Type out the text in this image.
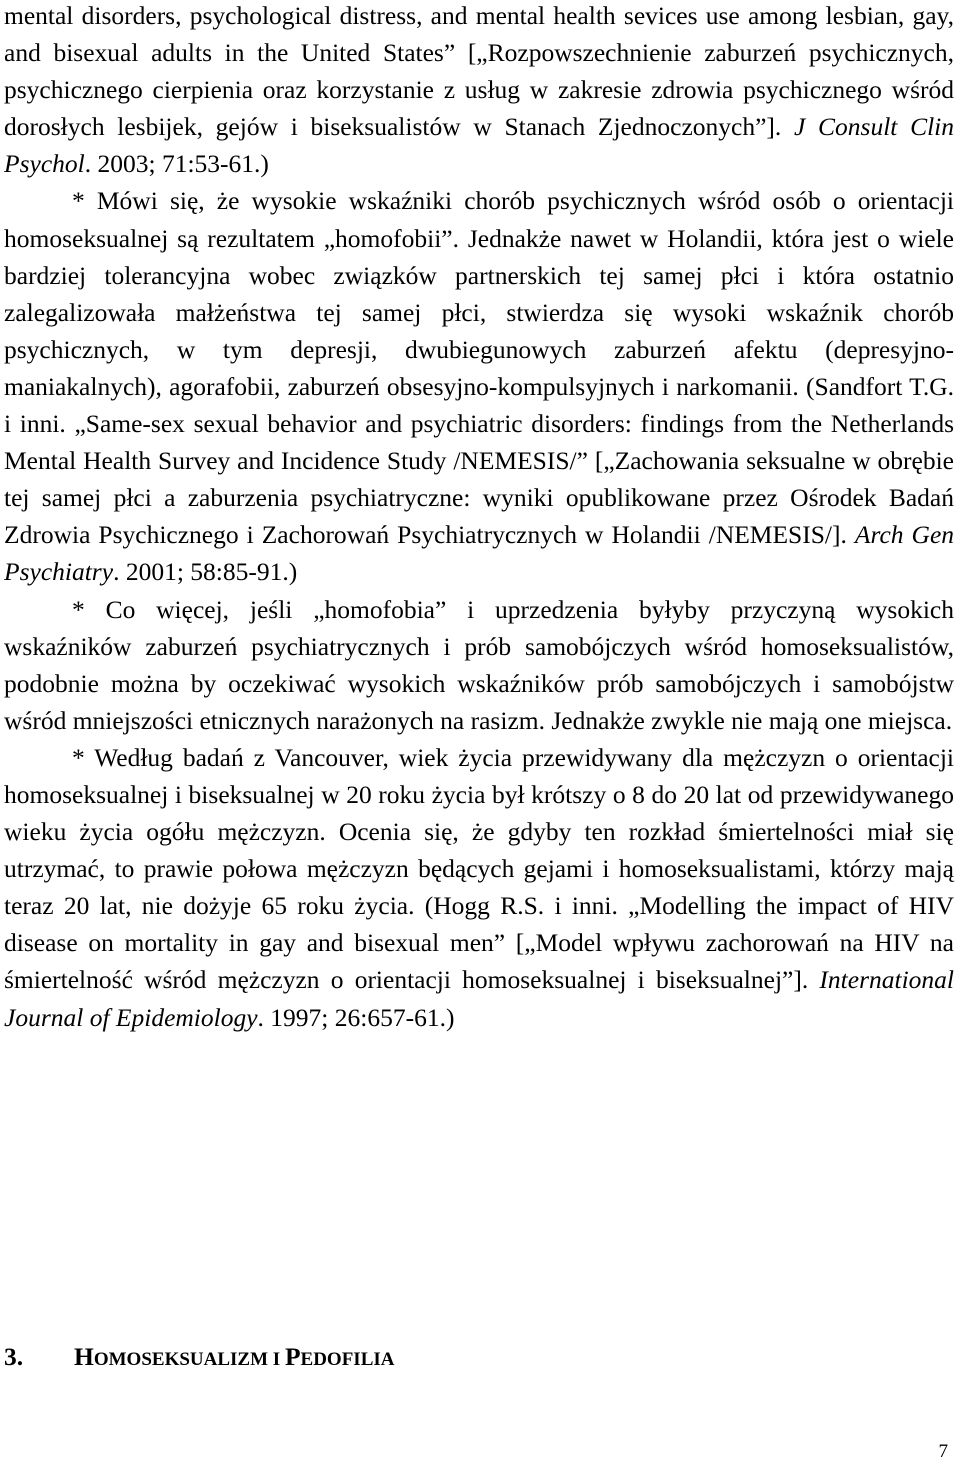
mental disorders, psychological distress, and mental health sevices use among lesbian, gay, and bisexual adults in the United States” [„Rozpowszechnienie zaburzeń psychicznych, psychicznego cierpienia oraz korzystanie z usług w zakresie zdrowia psychicznego wśród dorosłych lesbijek, gejów i biseksualistów w Stanach Zjednoczonych”]. J Consult Clin Psychol. 2003; 71:53-61.)

* Mówi się, że wysokie wskaźniki chorób psychicznych wśród osób o orientacji homoseksualnej są rezultatem „homofobii”. Jednakże nawet w Holandii, która jest o wiele bardziej tolerancyjna wobec związków partnerskich tej samej płci i która ostatnio zalegalizowała małżeństwa tej samej płci, stwierdza się wysoki wskaźnik chorób psychicznych, w tym depresji, dwubiegunowych zaburzeń afektu (depresyjno-maniakalnych), agorafobii, zaburzeń obsesyjno-kompulsyjnych i narkomanii. (Sandfort T.G. i inni. „Same-sex sexual behavior and psychiatric disorders: findings from the Netherlands Mental Health Survey and Incidence Study /NEMESIS/” [„Zachowania seksualne w obrębie tej samej płci a zaburzenia psychiatryczne: wyniki opublikowane przez Ośrodek Badań Zdrowia Psychicznego i Zachorowań Psychiatrycznych w Holandii /NEMESIS/]. Arch Gen Psychiatry. 2001; 58:85-91.)

* Co więcej, jeśli „homofobia” i uprzedzenia byłyby przyczyną wysokich wskaźników zaburzeń psychiatrycznych i prób samobójczych wśród homoseksualistów, podobnie można by oczekiwać wysokich wskaźników prób samobójczych i samobójstw wśród mniejszości etnicznych narażonych na rasizm. Jednakże zwykle nie mają one miejsca.

* Według badań z Vancouver, wiek życia przewidywany dla mężczyzn o orientacji homoseksualnej i biseksualnej w 20 roku życia był krótszy o 8 do 20 lat od przewidywanego wieku życia ogółu mężczyzn. Ocenia się, że gdyby ten rozkład śmiertelności miał się utrzymać, to prawie połowa mężczyzn będących gejami i homoseksualistami, którzy mają teraz 20 lat, nie dożyje 65 roku życia. (Hogg R.S. i inni. „Modelling the impact of HIV disease on mortality in gay and bisexual men” [„Model wpływu zachorowań na HIV na śmiertelność wśród mężczyzn o orientacji homoseksualnej i biseksualnej”]. International Journal of Epidemiology. 1997; 26:657-61.)

3. HOMOSEKSUALIZM I PEDOFILIA
7
